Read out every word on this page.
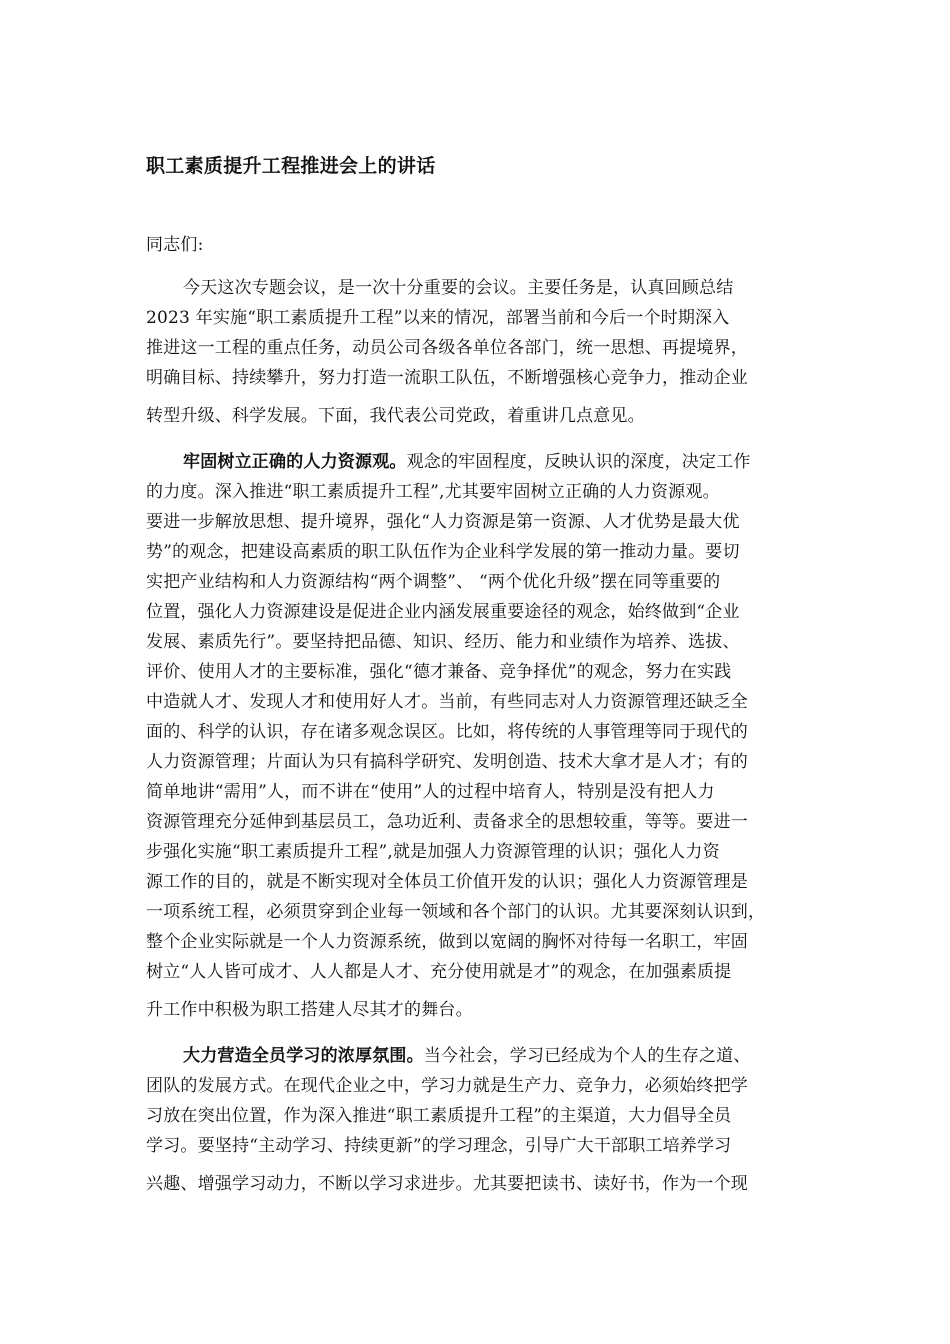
职工素质提升工程推进会上的讲话
同志们:
今天这次专题会议，是一次十分重要的会议。主要任务是，认真回顾总结
2023 年实施“职工素质提升工程”以来的情况，部署当前和今后一个时期深入
推进这一工程的重点任务，动员公司各级各单位各部门，统一思想、再提境界，
明确目标、持续攀升，努力打造一流职工队伍，不断增强核心竞争力，推动企业
转型升级、科学发展。下面，我代表公司党政，着重讲几点意见。
牢固树立正确的人力资源观。观念的牢固程度，反映认识的深度，决定工作
的力度。深入推进“职工素质提升工程”,尤其要牢固树立正确的人力资源观。
要进一步解放思想、提升境界，强化“人力资源是第一资源、人才优势是最大优
势”的观念，把建设高素质的职工队伍作为企业科学发展的第一推动力量。要切
实把产业结构和人力资源结构“两个调整”、 “两个优化升级”摆在同等重要的
位置，强化人力资源建设是促进企业内涵发展重要途径的观念，始终做到“企业
发展、素质先行”。要坚持把品德、知识、经历、能力和业绩作为培养、选拔、
评价、使用人才的主要标准，强化“德才兼备、竞争择优”的观念，努力在实践
中造就人才、发现人才和使用好人才。当前，有些同志对人力资源管理还缺乏全
面的、科学的认识，存在诸多观念误区。比如，将传统的人事管理等同于现代的
人力资源管理；片面认为只有搞科学研究、发明创造、技术大拿才是人才；有的
简单地讲“需用”人，而不讲在“使用”人的过程中培育人，特别是没有把人力
资源管理充分延伸到基层员工，急功近利、责备求全的思想较重，等等。要进一
步强化实施“职工素质提升工程”,就是加强人力资源管理的认识；强化人力资
源工作的目的，就是不断实现对全体员工价值开发的认识；强化人力资源管理是
一项系统工程，必须贯穿到企业每一领域和各个部门的认识。尤其要深刻认识到，
整个企业实际就是一个人力资源系统，做到以宽阔的胸怀对待每一名职工，牢固
树立“人人皆可成才、人人都是人才、充分使用就是才”的观念，在加强素质提
升工作中积极为职工搭建人尽其才的舞台。
大力营造全员学习的浓厚氛围。当今社会，学习已经成为个人的生存之道、
团队的发展方式。在现代企业之中，学习力就是生产力、竞争力，必须始终把学
习放在突出位置，作为深入推进“职工素质提升工程”的主渠道，大力倡导全员
学习。要坚持“主动学习、持续更新”的学习理念，引导广大干部职工培养学习
兴趣、增强学习动力，不断以学习求进步。尤其要把读书、读好书，作为一个现
